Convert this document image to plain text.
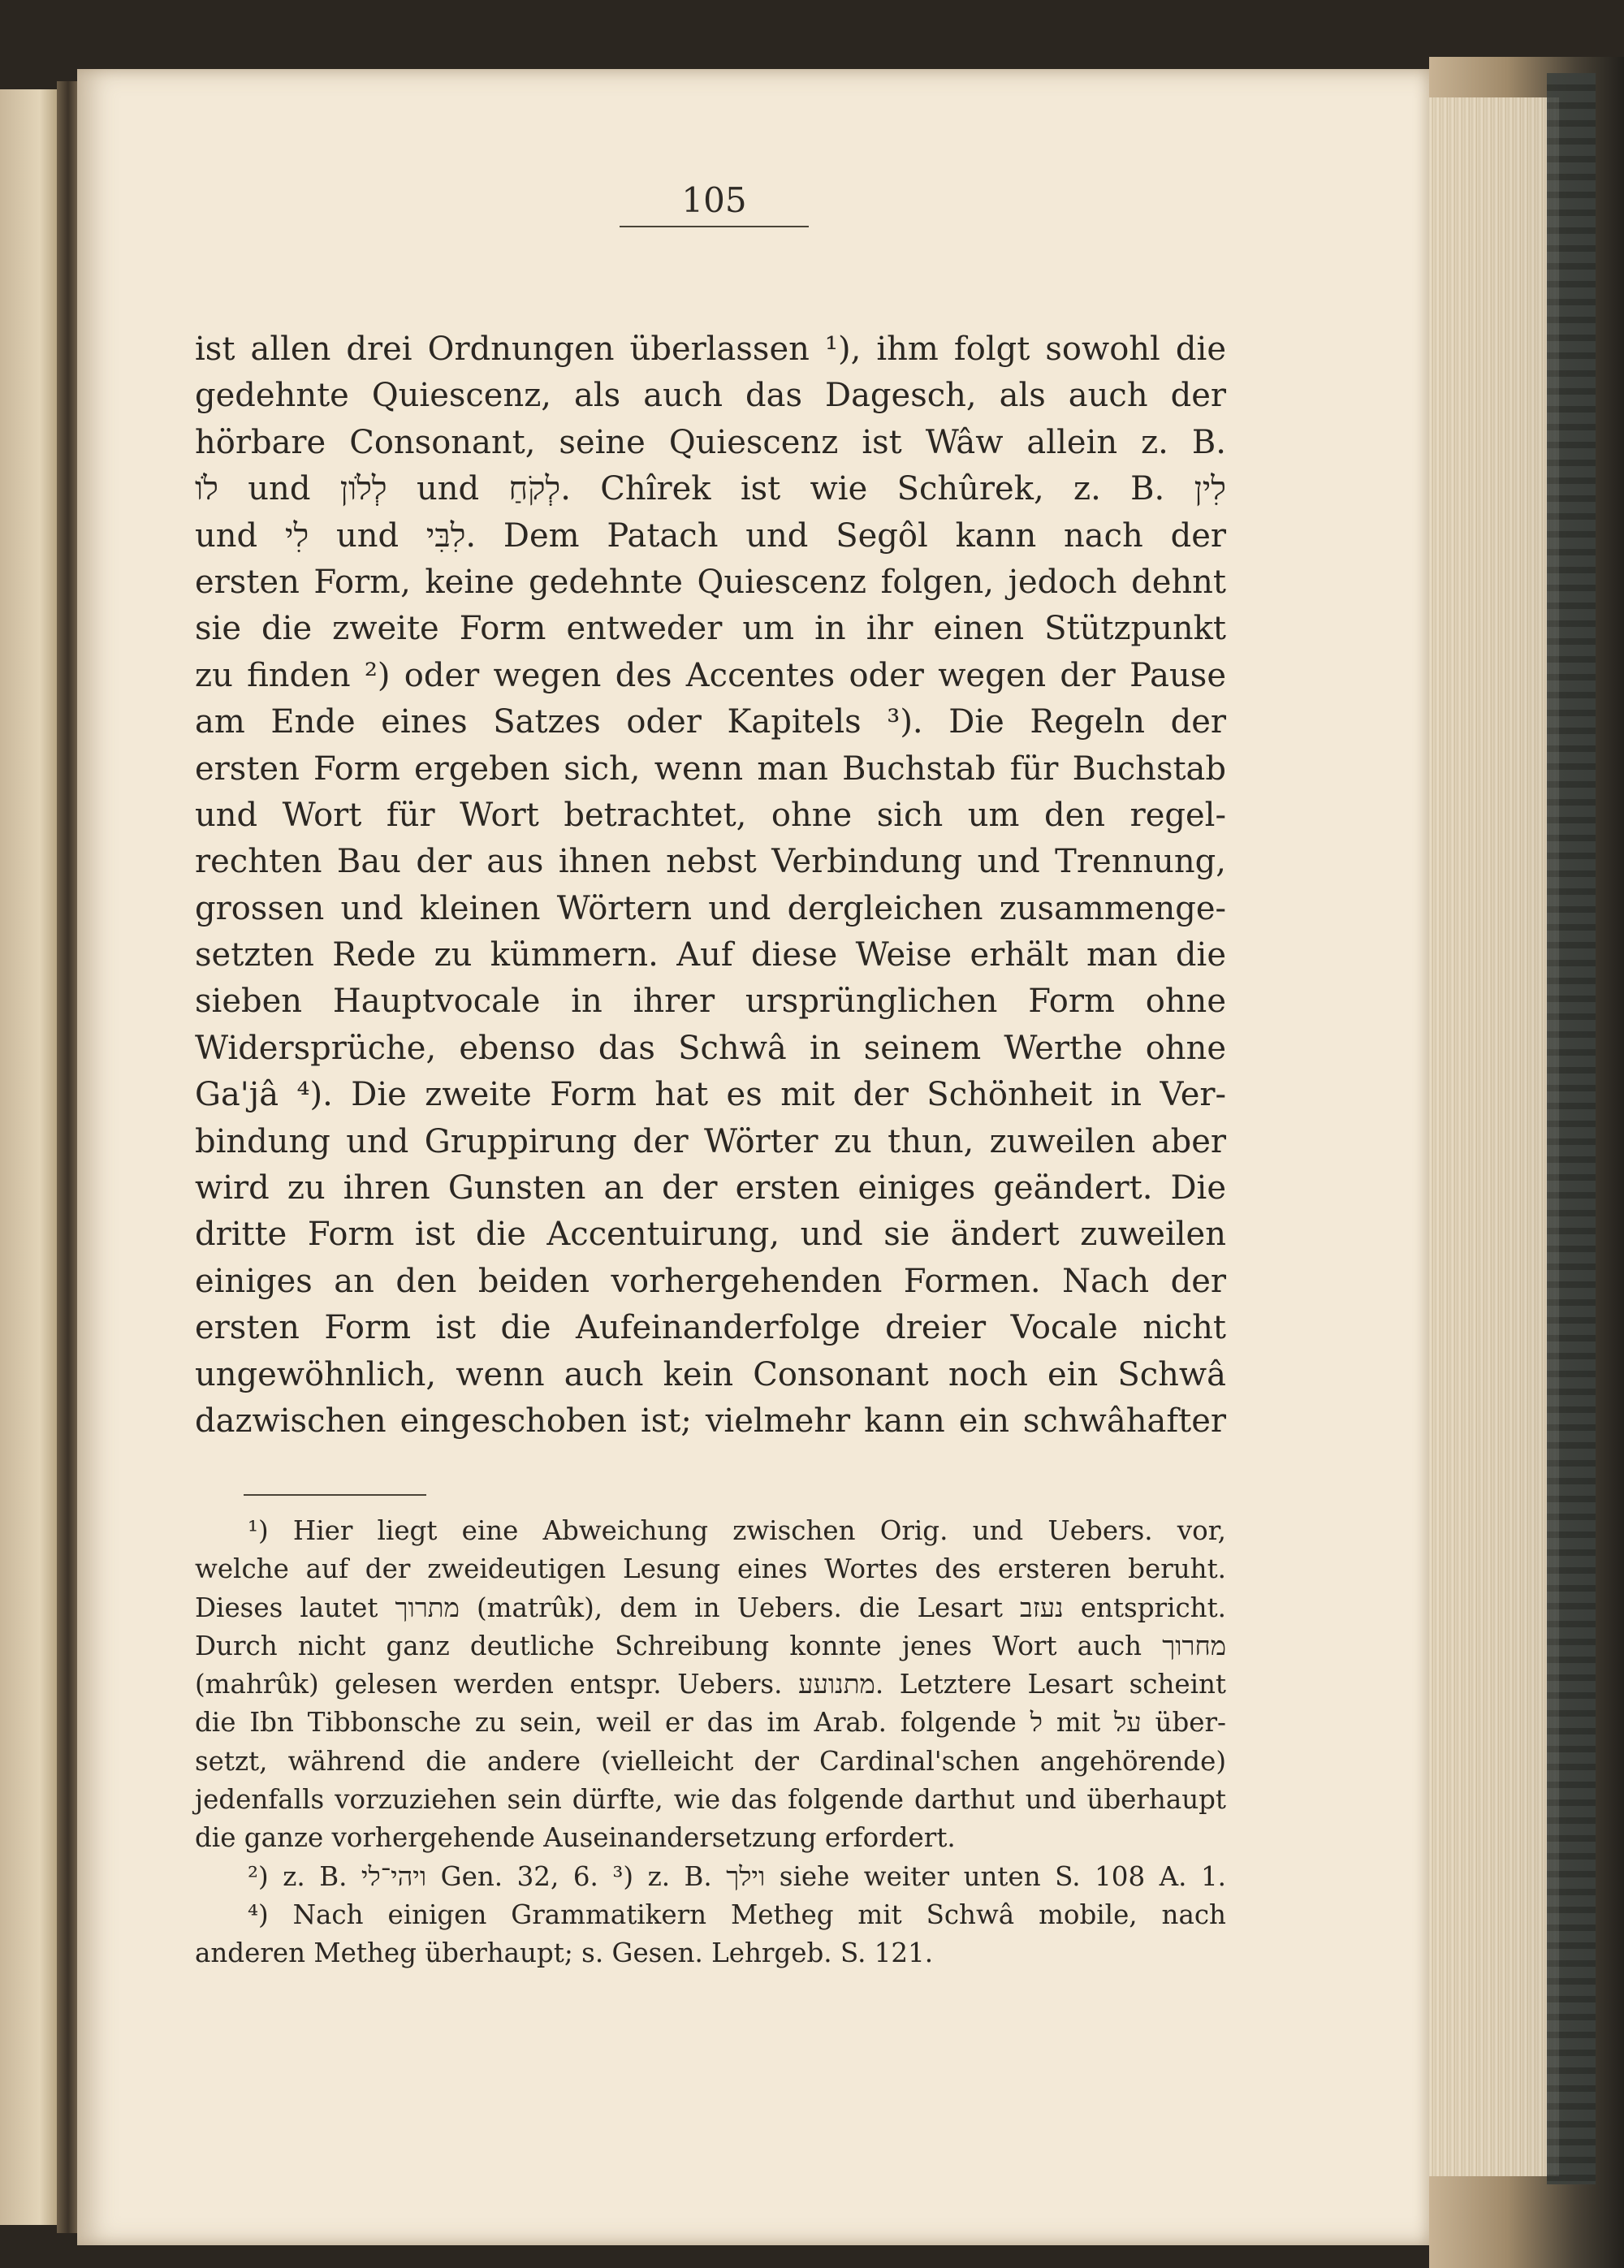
105
ist allen drei Ordnungen überlassen ¹), ihm folgt sowohl die
gedehnte Quiescenz, als auch das Dagesch, als auch der
hörbare Consonant, seine Quiescenz ist Wâw allein z. B.
לֹו und לְלֹון und לְקֹחַ. Chîrek ist wie Schûrek, z. B. לִין
und לִי und לִבִּי. Dem Patach und Segôl kann nach der
ersten Form, keine gedehnte Quiescenz folgen, jedoch dehnt
sie die zweite Form entweder um in ihr einen Stützpunkt
zu finden ²) oder wegen des Accentes oder wegen der Pause
am Ende eines Satzes oder Kapitels ³). Die Regeln der
ersten Form ergeben sich, wenn man Buchstab für Buchstab
und Wort für Wort betrachtet, ohne sich um den regel-
rechten Bau der aus ihnen nebst Verbindung und Trennung,
grossen und kleinen Wörtern und dergleichen zusammenge-
setzten Rede zu kümmern. Auf diese Weise erhält man die
sieben Hauptvocale in ihrer ursprünglichen Form ohne
Widersprüche, ebenso das Schwâ in seinem Werthe ohne
Ga'jâ ⁴). Die zweite Form hat es mit der Schönheit in Ver-
bindung und Gruppirung der Wörter zu thun, zuweilen aber
wird zu ihren Gunsten an der ersten einiges geändert. Die
dritte Form ist die Accentuirung, und sie ändert zuweilen
einiges an den beiden vorhergehenden Formen. Nach der
ersten Form ist die Aufeinanderfolge dreier Vocale nicht
ungewöhnlich, wenn auch kein Consonant noch ein Schwâ
dazwischen eingeschoben ist; vielmehr kann ein schwâhafter
¹) Hier liegt eine Abweichung zwischen Orig. und Uebers. vor,
welche auf der zweideutigen Lesung eines Wortes des ersteren beruht.
Dieses lautet מתרוך (matrûk), dem in Uebers. die Lesart נעזב entspricht.
Durch nicht ganz deutliche Schreibung konnte jenes Wort auch מחרוך
(mahrûk) gelesen werden entspr. Uebers. מתנועע. Letztere Lesart scheint
die Ibn Tibbonsche zu sein, weil er das im Arab. folgende ל mit על über-
setzt, während die andere (vielleicht der Cardinal'schen angehörende)
jedenfalls vorzuziehen sein dürfte, wie das folgende darthut und überhaupt
die ganze vorhergehende Auseinandersetzung erfordert.
²) z. B. ויהי־לי Gen. 32, 6. ³) z. B. וילך siehe weiter unten S. 108 A. 1.
⁴) Nach einigen Grammatikern Metheg mit Schwâ mobile, nach
anderen Metheg überhaupt; s. Gesen. Lehrgeb. S. 121.
